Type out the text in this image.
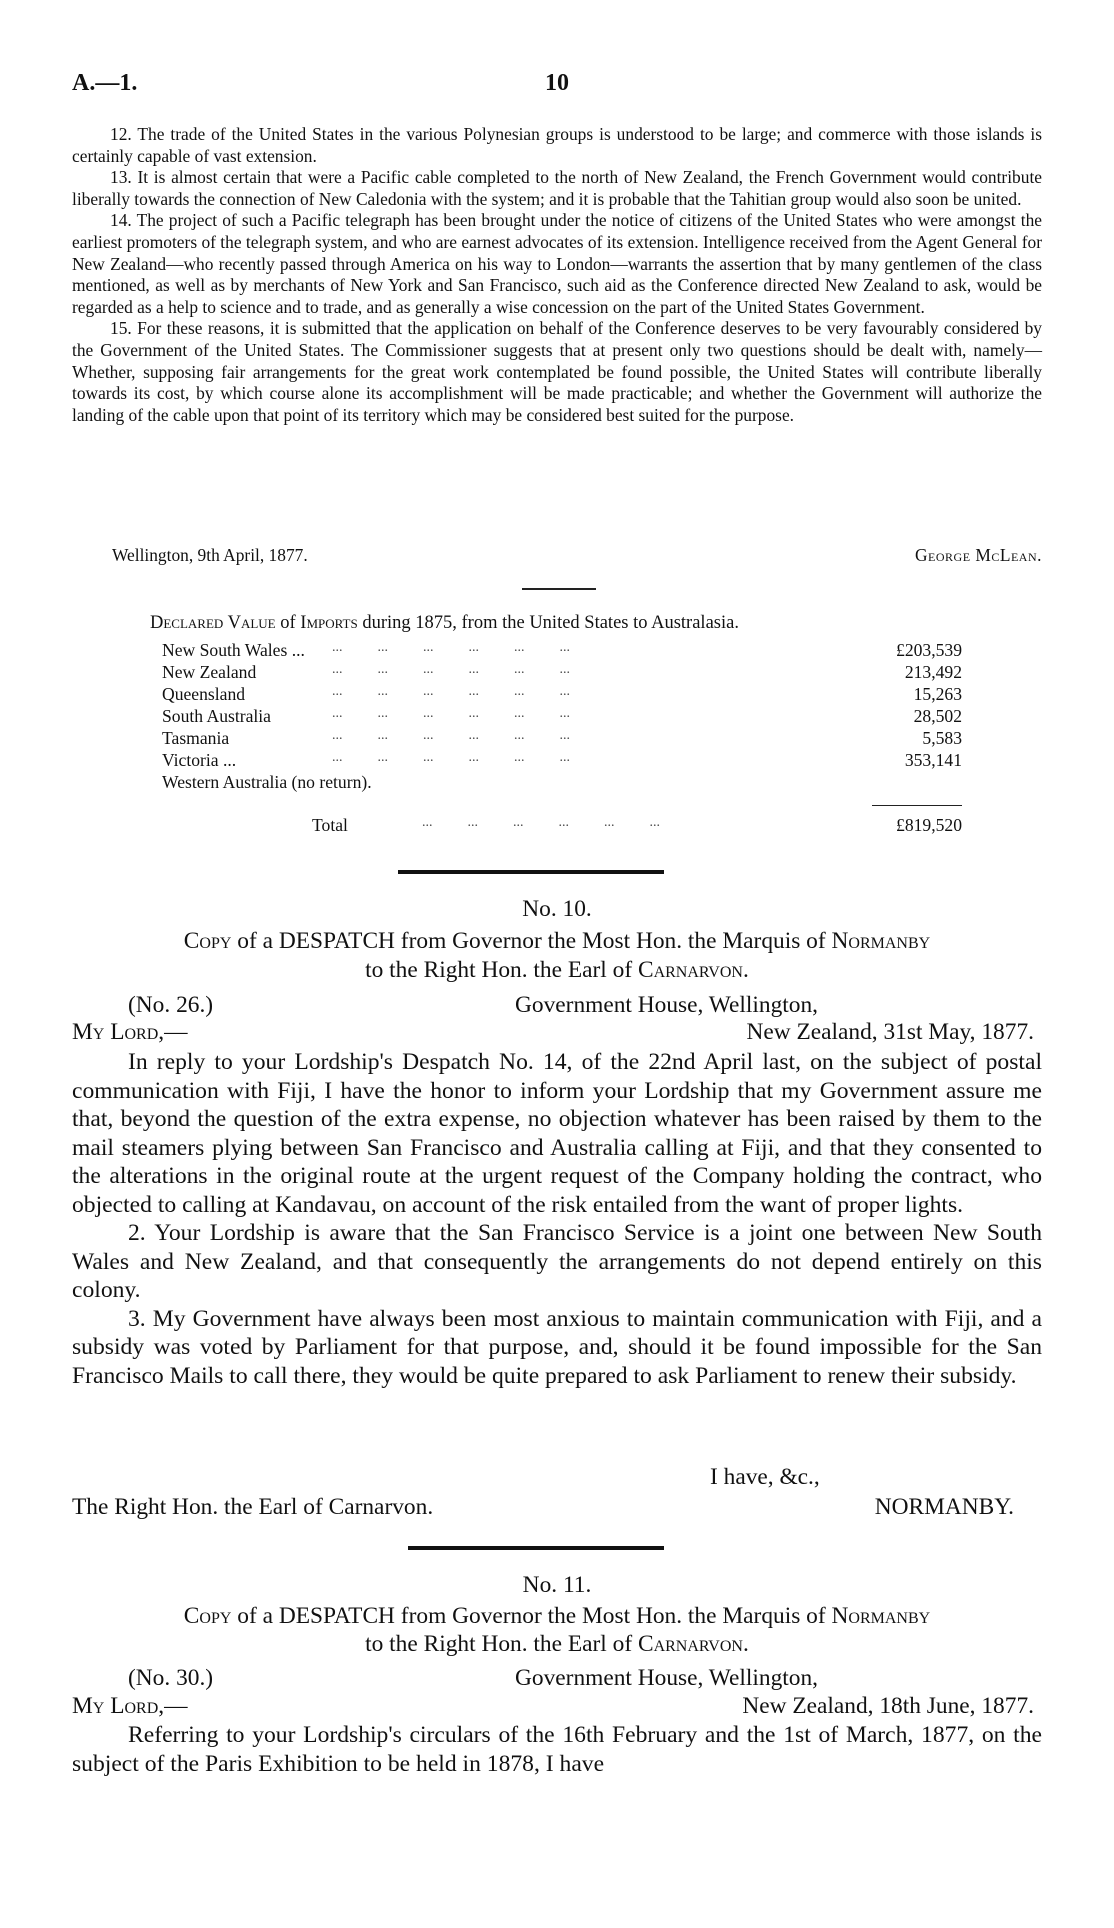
A.—1.	10

12. The trade of the United States in the various Polynesian groups is understood to be large; and commerce with those islands is certainly capable of vast extension.

13. It is almost certain that were a Pacific cable completed to the north of New Zealand, the French Government would contribute liberally towards the connection of New Caledonia with the system; and it is probable that the Tahitian group would also soon be united.

14. The project of such a Pacific telegraph has been brought under the notice of citizens of the United States who were amongst the earliest promoters of the telegraph system, and who are earnest advocates of its extension. Intelligence received from the Agent General for New Zealand—who recently passed through America on his way to London—warrants the assertion that by many gentlemen of the class mentioned, as well as by merchants of New York and San Francisco, such aid as the Conference directed New Zealand to ask, would be regarded as a help to science and to trade, and as generally a wise concession on the part of the United States Government.

15. For these reasons, it is submitted that the application on behalf of the Conference deserves to be very favourably considered by the Government of the United States. The Commissioner suggests that at present only two questions should be dealt with, namely—Whether, supposing fair arrangements for the great work contemplated be found possible, the United States will contribute liberally towards its cost, by which course alone its accomplishment will be made practicable; and whether the Government will authorize the landing of the cable upon that point of its territory which may be considered best suited for the purpose.

Wellington, 9th April, 1877.	George McLean.
Declared Value of Imports during 1875, from the United States to Australasia.
New South Wales ... ...          ...          ...          ...          ...          ...	£203,539
New Zealand	...          ...          ...          ...          ...          ...	213,492
Queensland	...          ...          ...          ...          ...          ...	15,263
South Australia	...          ...          ...          ...          ...          ...	28,502
Tasmania	...          ...          ...          ...          ...          ...	5,583
Victoria ...	...          ...          ...          ...          ...          ...	353,141
Western Australia (no return).
Total	...          ...          ...          ...          ...          ...	£819,520
No. 10.
Copy of a DESPATCH from Governor the Most Hon. the Marquis of Normanby
to the Right Hon. the Earl of Carnarvon.
(No. 26.)	Government House, Wellington,
My Lord,—	New Zealand, 31st May, 1877.

In reply to your Lordship's Despatch No. 14, of the 22nd April last, on the subject of postal communication with Fiji, I have the honor to inform your Lordship that my Government assure me that, beyond the question of the extra expense, no objection whatever has been raised by them to the mail steamers plying between San Francisco and Australia calling at Fiji, and that they consented to the alterations in the original route at the urgent request of the Company holding the contract, who objected to calling at Kandavau, on account of the risk entailed from the want of proper lights.

2. Your Lordship is aware that the San Francisco Service is a joint one between New South Wales and New Zealand, and that consequently the arrangements do not depend entirely on this colony.

3. My Government have always been most anxious to maintain communication with Fiji, and a subsidy was voted by Parliament for that purpose, and, should it be found impossible for the San Francisco Mails to call there, they would be quite prepared to ask Parliament to renew their subsidy.

I have, &c.,
The Right Hon. the Earl of Carnarvon.	NORMANBY.
No. 11.
Copy of a DESPATCH from Governor the Most Hon. the Marquis of Normanby
to the Right Hon. the Earl of Carnarvon.
(No. 30.)	Government House, Wellington,
My Lord,—	New Zealand, 18th June, 1877.

Referring to your Lordship's circulars of the 16th February and the 1st of March, 1877, on the subject of the Paris Exhibition to be held in 1878, I have
